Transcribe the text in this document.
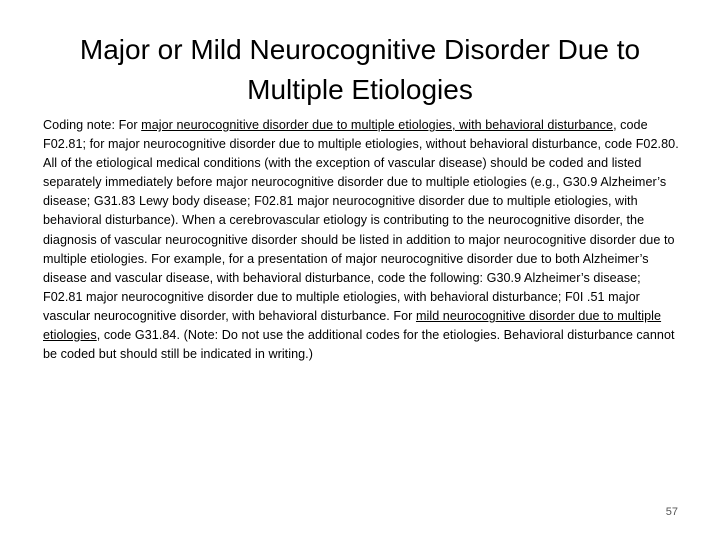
Major or Mild Neurocognitive Disorder Due to Multiple Etiologies

Coding note: For major neurocognitive disorder due to multiple etiologies, with behavioral disturbance, code F02.81; for major neurocognitive disorder due to multiple etiologies, without behavioral disturbance, code F02.80. All of the etiological medical conditions (with the exception of vascular disease) should be coded and listed separately immediately before major neurocognitive disorder due to multiple etiologies (e.g., G30.9 Alzheimer’s disease; G31.83 Lewy body disease; F02.81 major neurocognitive disorder due to multiple etiologies, with behavioral disturbance). When a cerebrovascular etiology is contributing to the neurocognitive disorder, the diagnosis of vascular neurocognitive disorder should be listed in addition to major neurocognitive disorder due to multiple etiologies. For example, for a presentation of major neurocognitive disorder due to both Alzheimer’s disease and vascular disease, with behavioral disturbance, code the following: G30.9 Alzheimer’s disease; F02.81 major neurocognitive disorder due to multiple etiologies, with behavioral disturbance; F0I .51 major vascular neurocognitive disorder, with behavioral disturbance. For mild neurocognitive disorder due to multiple etiologies, code G31.84. (Note: Do not use the additional codes for the etiologies. Behavioral disturbance cannot be coded but should still be indicated in writing.)

57
